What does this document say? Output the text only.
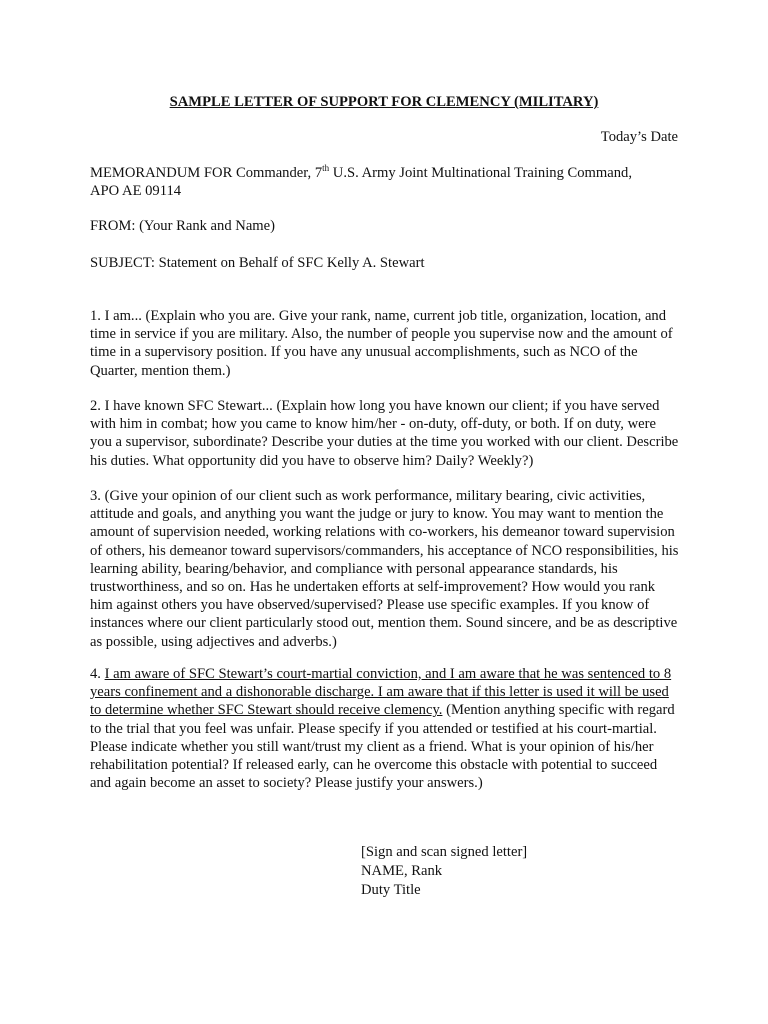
SAMPLE LETTER OF SUPPORT FOR CLEMENCY (MILITARY)
Today’s Date
MEMORANDUM FOR Commander, 7th U.S. Army Joint Multinational Training Command,
APO AE 09114
FROM: (Your Rank and Name)
SUBJECT: Statement on Behalf of SFC Kelly A. Stewart
1. I am... (Explain who you are. Give your rank, name, current job title, organization, location, and time in service if you are military. Also, the number of people you supervise now and the amount of time in a supervisory position. If you have any unusual accomplishments, such as NCO of the Quarter, mention them.)
2. I have known SFC Stewart... (Explain how long you have known our client; if you have served with him in combat; how you came to know him/her - on-duty, off-duty, or both. If on duty, were you a supervisor, subordinate? Describe your duties at the time you worked with our client. Describe his duties. What opportunity did you have to observe him? Daily? Weekly?)
3. (Give your opinion of our client such as work performance, military bearing, civic activities, attitude and goals, and anything you want the judge or jury to know. You may want to mention the amount of supervision needed, working relations with co-workers, his demeanor toward supervision of others, his demeanor toward supervisors/commanders, his acceptance of NCO responsibilities, his learning ability, bearing/behavior, and compliance with personal appearance standards, his trustworthiness, and so on. Has he undertaken efforts at self-improvement? How would you rank him against others you have observed/supervised? Please use specific examples. If you know of instances where our client particularly stood out, mention them. Sound sincere, and be as descriptive as possible, using adjectives and adverbs.)
4. I am aware of SFC Stewart’s court-martial conviction, and I am aware that he was sentenced to 8 years confinement and a dishonorable discharge. I am aware that if this letter is used it will be used to determine whether SFC Stewart should receive clemency. (Mention anything specific with regard to the trial that you feel was unfair. Please specify if you attended or testified at his court-martial. Please indicate whether you still want/trust my client as a friend. What is your opinion of his/her rehabilitation potential? If released early, can he overcome this obstacle with potential to succeed and again become an asset to society? Please justify your answers.)
[Sign and scan signed letter]
NAME, Rank
Duty Title
